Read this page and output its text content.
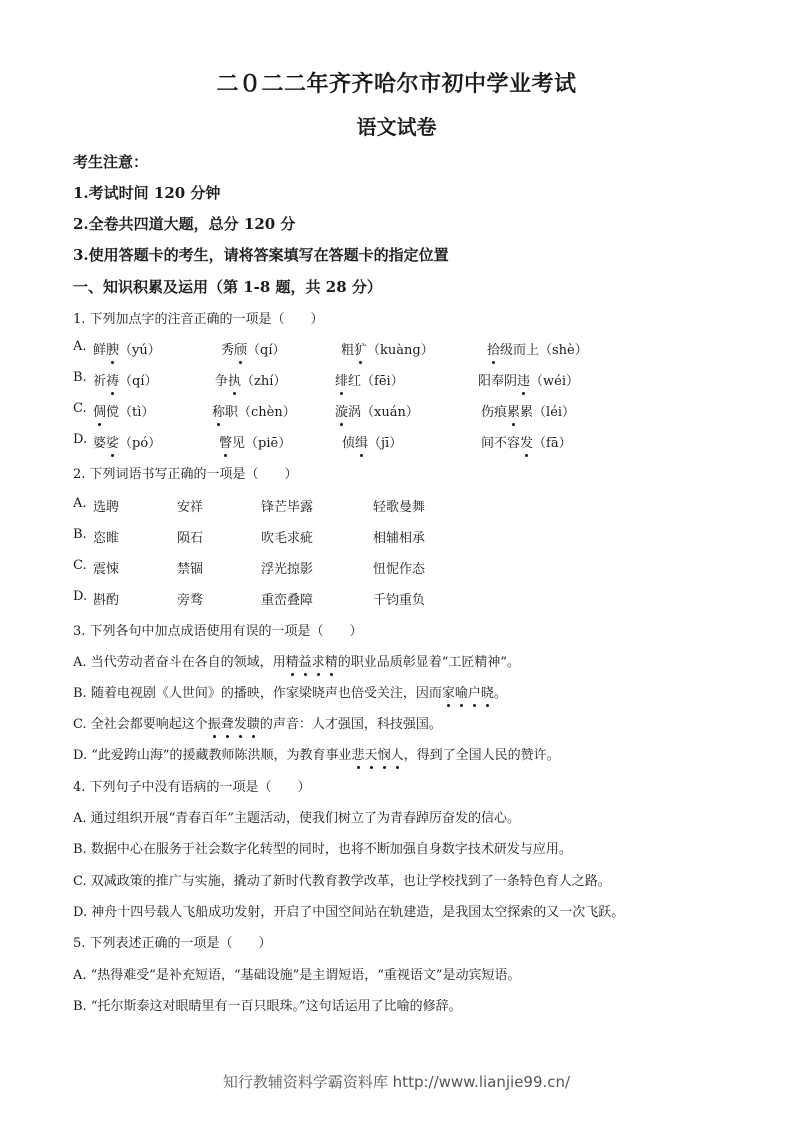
二０二二年齐齐哈尔市初中学业考试
语文试卷
考生注意：
1.考试时间 120 分钟
2.全卷共四道大题，总分 120 分
3.使用答题卡的考生，请将答案填写在答题卡的指定位置
一、知识积累及运用（第 1-8 题，共 28 分）
1. 下列加点字的注音正确的一项是（　　）
A. 鲜腴（yú）	秀颀（qí）	粗犷（kuàng）	拾级而上（shè）
B. 祈祷（qí）	争执（zhí）	绯红（fēi）	阳奉阴违（wéi）
C. 倜傥（tì）	称职（chèn）	漩涡（xuán）	伤痕累累（léi）
D. 婆娑（pó）	瞥见（piē）	侦缉（jī）	间不容发（fā）
2. 下列词语书写正确的一项是（　　）
A. 选聘	安祥	锋芒毕露	轻歌曼舞
B. 恣睢	陨石	吹毛求疵	相辅相承
C. 震悚	禁锢	浮光掠影	忸怩作态
D. 斟酌	旁骛	重峦叠障	千钧重负
3. 下列各句中加点成语使用有误的一项是（　　）
A. 当代劳动者奋斗在各自的领域，用精益求精的职业品质彰显着“工匠精神”。
B. 随着电视剧《人世间》的播映，作家梁晓声也倍受关注，因而家喻户晓。
C. 全社会都要响起这个振聋发聩的声音：人才强国，科技强国。
D. “此爱跨山海”的援藏教师陈洪顺，为教育事业悲天悯人，得到了全国人民的赞许。
4. 下列句子中没有语病的一项是（　　）
A. 通过组织开展“青春百年”主题活动，使我们树立了为青春踔厉奋发的信心。
B. 数据中心在服务于社会数字化转型的同时，也将不断加强自身数字技术研发与应用。
C. 双减政策的推广与实施，撬动了新时代教育教学改革，也让学校找到了一条特色育人之路。
D. 神舟十四号载人飞船成功发射，开启了中国空间站在轨建造，是我国太空探索的又一次飞跃。
5. 下列表述正确的一项是（　　）
A. “热得难受”是补充短语，“基础设施”是主谓短语，“重视语文”是动宾短语。
B. “托尔斯泰这对眼睛里有一百只眼珠。”这句话运用了比喻的修辞。
知行教辅资料学霸资料库 http://www.lianjie99.cn/
